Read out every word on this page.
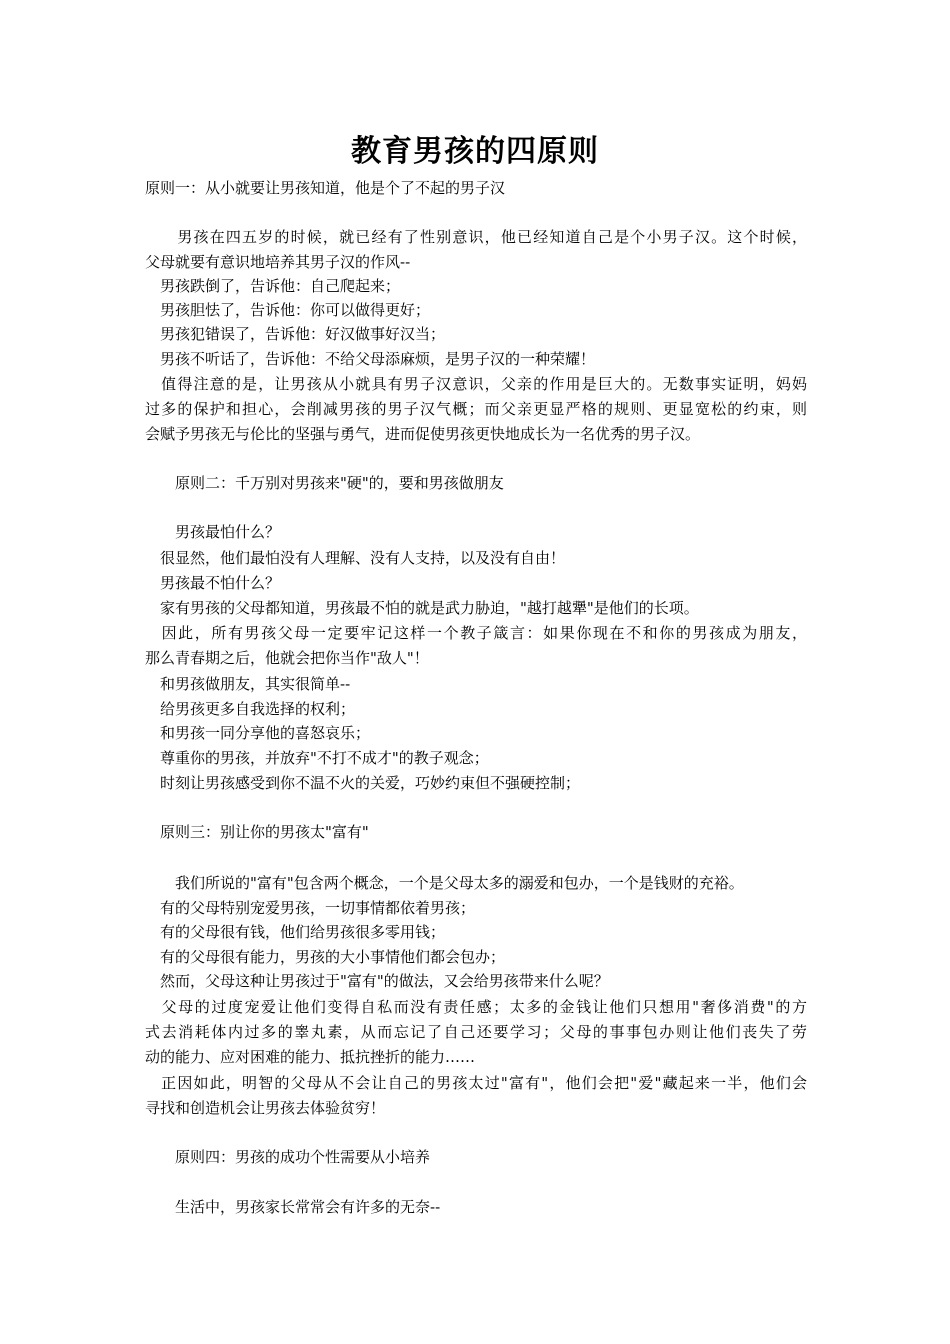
教育男孩的四原则
原则一：从小就要让男孩知道，他是个了不起的男子汉
　　男孩在四五岁的时候，就已经有了性别意识，他已经知道自己是个小男子汉。这个时候，
父母就要有意识地培养其男子汉的作风--
　男孩跌倒了，告诉他：自己爬起来；
　男孩胆怯了，告诉他：你可以做得更好；
　男孩犯错误了，告诉他：好汉做事好汉当；
　男孩不听话了，告诉他：不给父母添麻烦，是男子汉的一种荣耀！
　值得注意的是，让男孩从小就具有男子汉意识，父亲的作用是巨大的。无数事实证明，妈妈
过多的保护和担心，会削减男孩的男子汉气概；而父亲更显严格的规则、更显宽松的约束，则
会赋予男孩无与伦比的坚强与勇气，进而促使男孩更快地成长为一名优秀的男子汉。
　　原则二：千万别对男孩来"硬"的，要和男孩做朋友
　　男孩最怕什么？
　很显然，他们最怕没有人理解、没有人支持，以及没有自由！
　男孩最不怕什么？
　家有男孩的父母都知道，男孩最不怕的就是武力胁迫，"越打越犟"是他们的长项。
　因此，所有男孩父母一定要牢记这样一个教子箴言：如果你现在不和你的男孩成为朋友，
那么青春期之后，他就会把你当作"敌人"！
　和男孩做朋友，其实很简单--
　给男孩更多自我选择的权利；
　和男孩一同分享他的喜怒哀乐；
　尊重你的男孩，并放弃"不打不成才"的教子观念；
　时刻让男孩感受到你不温不火的关爱，巧妙约束但不强硬控制；
　原则三：别让你的男孩太"富有"
　　我们所说的"富有"包含两个概念，一个是父母太多的溺爱和包办，一个是钱财的充裕。
　有的父母特别宠爱男孩，一切事情都依着男孩；
　有的父母很有钱，他们给男孩很多零用钱；
　有的父母很有能力，男孩的大小事情他们都会包办；
　然而，父母这种让男孩过于"富有"的做法，又会给男孩带来什么呢？
　父母的过度宠爱让他们变得自私而没有责任感；太多的金钱让他们只想用"奢侈消费"的方
式去消耗体内过多的睾丸素，从而忘记了自己还要学习；父母的事事包办则让他们丧失了劳
动的能力、应对困难的能力、抵抗挫折的能力……
　正因如此，明智的父母从不会让自己的男孩太过"富有"，他们会把"爱"藏起来一半，他们会
寻找和创造机会让男孩去体验贫穷！
　　原则四：男孩的成功个性需要从小培养
　　生活中，男孩家长常常会有许多的无奈--
